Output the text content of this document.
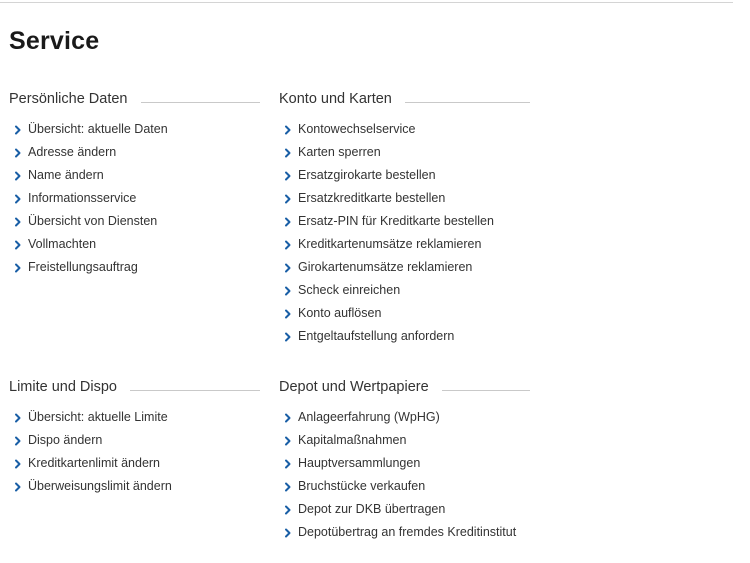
Service
Persönliche Daten
Übersicht: aktuelle Daten
Adresse ändern
Name ändern
Informationsservice
Übersicht von Diensten
Vollmachten
Freistellungsauftrag
Konto und Karten
Kontowechselservice
Karten sperren
Ersatzgirokarte bestellen
Ersatzkreditkarte bestellen
Ersatz-PIN für Kreditkarte bestellen
Kreditkartenumsätze reklamieren
Girokartenumsätze reklamieren
Scheck einreichen
Konto auflösen
Entgeltaufstellung anfordern
Limite und Dispo
Übersicht: aktuelle Limite
Dispo ändern
Kreditkartenlimit ändern
Überweisungslimit ändern
Depot und Wertpapiere
Anlageerfahrung (WpHG)
Kapitalmaßnahmen
Hauptversammlungen
Bruchstücke verkaufen
Depot zur DKB übertragen
Depotübertrag an fremdes Kreditinstitut
